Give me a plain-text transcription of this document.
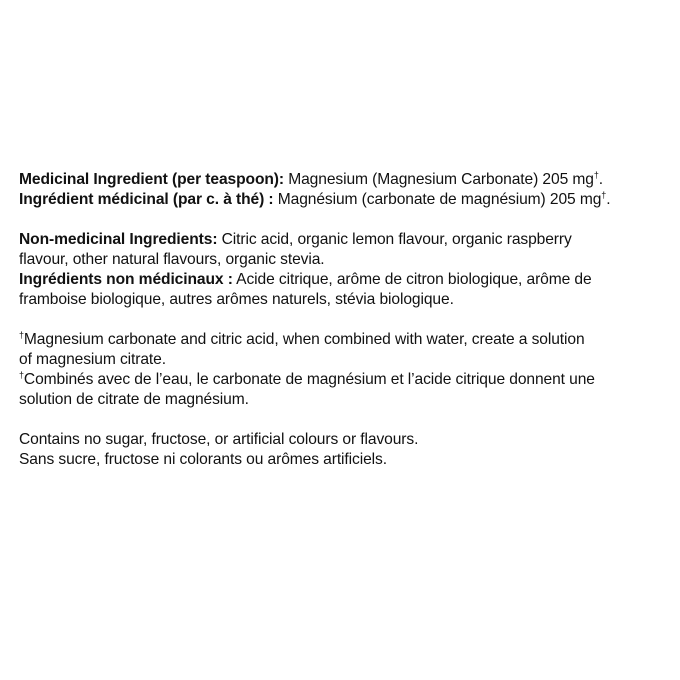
Medicinal Ingredient (per teaspoon): Magnesium (Magnesium Carbonate) 205 mg†.
Ingrédient médicinal (par c. à thé) : Magnésium (carbonate de magnésium) 205 mg†.
Non-medicinal Ingredients: Citric acid, organic lemon flavour, organic raspberry
flavour, other natural flavours, organic stevia.
Ingrédients non médicinaux : Acide citrique, arôme de citron biologique, arôme de
framboise biologique, autres arômes naturels, stévia biologique.
†Magnesium carbonate and citric acid, when combined with water, create a solution
of magnesium citrate.
†Combinés avec de l’eau, le carbonate de magnésium et l’acide citrique donnent une
solution de citrate de magnésium.
Contains no sugar, fructose, or artificial colours or flavours.
Sans sucre, fructose ni colorants ou arômes artificiels.
